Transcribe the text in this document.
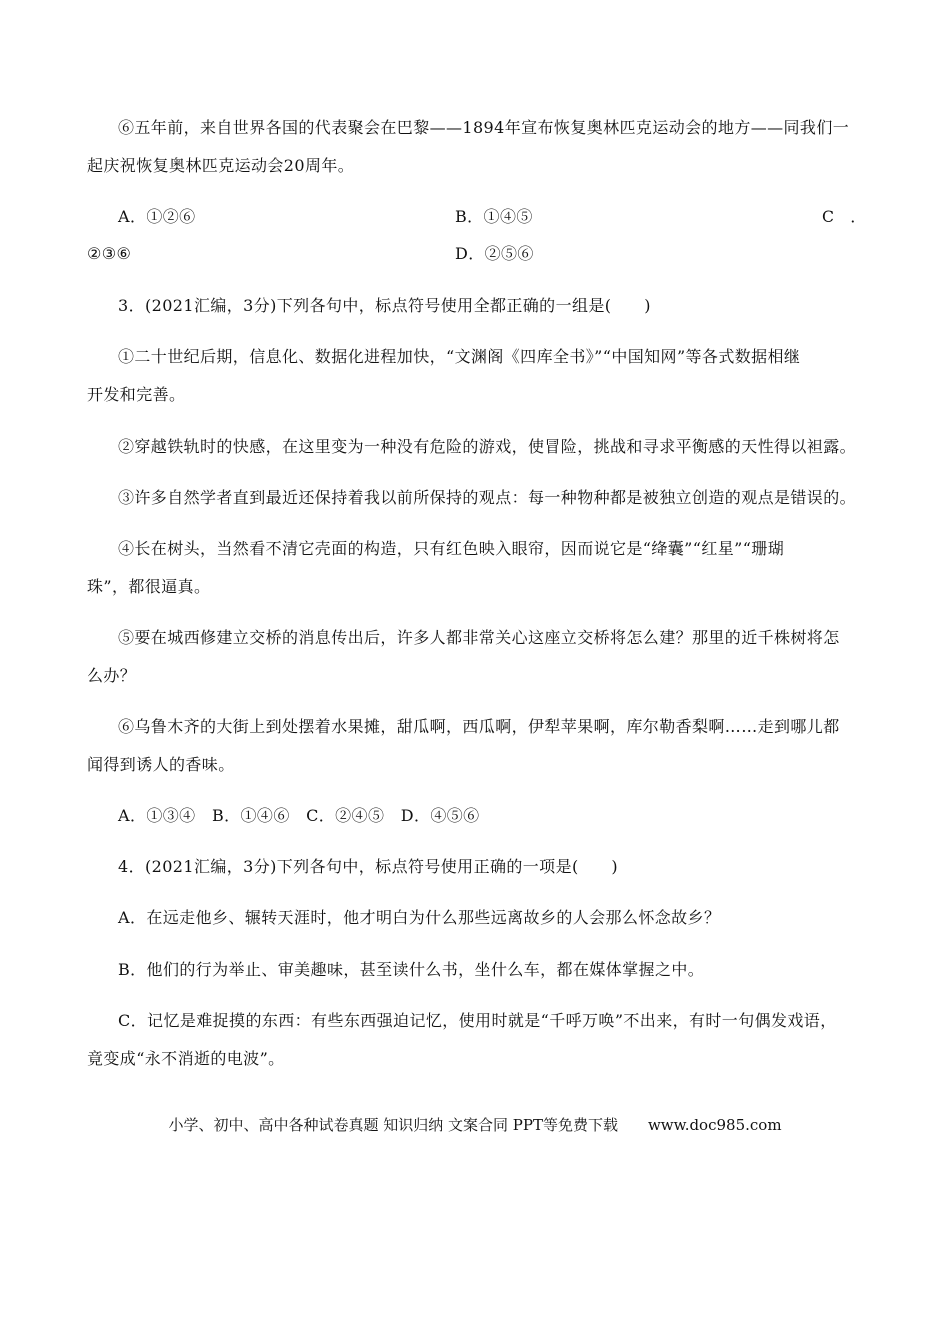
⑥五年前，来自世界各国的代表聚会在巴黎——1894年宣布恢复奥林匹克运动会的地方——同我们一
起庆祝恢复奥林匹克运动会20周年。
A．①②⑥	B．①④⑤	C　．
②③⑥	D．②⑤⑥
3．(2021汇编，3分)下列各句中，标点符号使用全都正确的一组是(　　)
①二十世纪后期，信息化、数据化进程加快，“文渊阁《四库全书》”“中国知网”等各式数据相继
开发和完善。
②穿越铁轨时的快感，在这里变为一种没有危险的游戏，使冒险，挑战和寻求平衡感的天性得以袒露。
③许多自然学者直到最近还保持着我以前所保持的观点：每一种物种都是被独立创造的观点是错误的。
④长在树头，当然看不清它壳面的构造，只有红色映入眼帘，因而说它是“绛囊”“红星”“珊瑚
珠”，都很逼真。
⑤要在城西修建立交桥的消息传出后，许多人都非常关心这座立交桥将怎么建？那里的近千株树将怎
么办？
⑥乌鲁木齐的大街上到处摆着水果摊，甜瓜啊，西瓜啊，伊犁苹果啊，库尔勒香梨啊……走到哪儿都
闻得到诱人的香味。
A．①③④　B．①④⑥　C．②④⑤　D．④⑤⑥
4．(2021汇编，3分)下列各句中，标点符号使用正确的一项是(　　)
A．在远走他乡、辗转天涯时，他才明白为什么那些远离故乡的人会那么怀念故乡？
B．他们的行为举止、审美趣味，甚至读什么书，坐什么车，都在媒体掌握之中。
C．记忆是难捉摸的东西：有些东西强迫记忆，使用时就是“千呼万唤”不出来，有时一句偶发戏语，
竟变成“永不消逝的电波”。
小学、初中、高中各种试卷真题 知识归纳 文案合同 PPT等免费下载　　www.doc985.com
